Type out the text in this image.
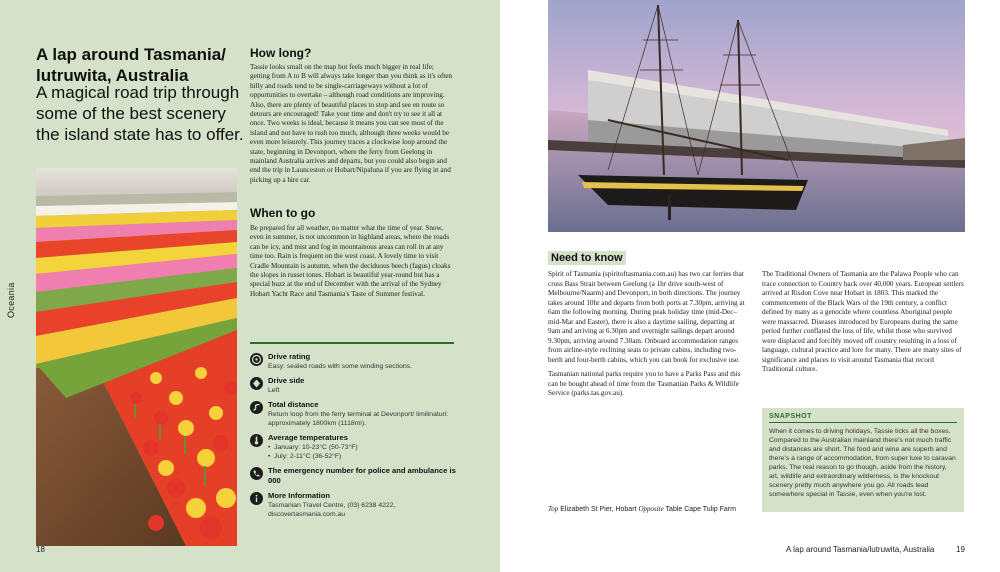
A lap around Tasmania/ lutruwita, Australia
A magical road trip through some of the best scenery the island state has to offer.
Oceania
How long?
Tassie looks small on the map but feels much bigger in real life; getting from A to B will always take longer than you think as it's often hilly and roads tend to be single-carriageways without a lot of opportunities to overtake – although road conditions are improving. Also, there are plenty of beautiful places to stop and see en route so detours are encouraged! Take your time and don't try to see it all at once. Two weeks is ideal, because it means you can see most of the island and not have to rush too much, although three weeks would be even more leisurely. This journey traces a clockwise loop around the state, beginning in Devonport, where the ferry from Geelong in mainland Australia arrives and departs, but you could also begin and end the trip in Launceston or Hobart/Nipaluna if you are flying in and picking up a hire car.
When to go
Be prepared for all weather, no matter what the time of year. Snow, even in summer, is not uncommon in highland areas, where the roads can be icy, and mist and fog in mountainous areas can roll in at any time too. Rain is frequent on the west coast. A lovely time to visit Cradle Mountain is autumn, when the deciduous beech (fagus) cloaks the slopes in russet tones. Hobart is beautiful year-round but has a special buzz at the end of December with the arrival of the Sydney Hobart Yacht Race and Tasmania's Taste of Summer festival.
Drive rating
Easy: sealed roads with some winding sections.
Drive side
Left
Total distance
Return loop from the ferry terminal at Devonport/ limilinaturi: approximately 1800km (1118mi).
Average temperatures
• January: 10-23°C (50-73°F)
• July: 2-11°C (36-52°F)
The emergency number for police and ambulance is 000
More Information
Tasmanian Travel Centre, (03) 6238 4222,
discovertasmania.com.au
18
Need to know

Spirit of Tasmania (spiritoftasmania.com.au) has two car ferries that cross Bass Strait between Geelong (a 1hr drive south-west of Melbourne/Naarm) and Devonport, in both directions. The journey takes around 10hr and departs from both ports at 7.30pm, arriving at 6am the following morning. During peak holiday time (mid-Dec–mid-Mar and Easter), there is also a daytime sailing, departing at 9am and arriving at 6.30pm and overnight sailings depart around 9.30pm, arriving around 7.30am. Onboard accommodation ranges from airline-style reclining seats to private cabins, including two-berth and four-berth cabins, which you can book for exclusive use.

Tasmanian national parks require you to have a Parks Pass and this can be bought ahead of time from the Tasmanian Parks & Wildlife Service (parks.tas.gov.au).

The Traditional Owners of Tasmania are the Palawa People who can trace connection to Country back over 40,000 years. European settlers arrived at Risdon Cove near Hobart in 1803. This marked the commencement of the Black Wars of the 19th century, a conflict defined by many as a genocide where countless Aboriginal people were massacred. Diseases introduced by Europeans during the same period further conflated the loss of life, whilst those who survived were displaced and forcibly moved off country resulting in a loss of language, cultural practice and lore for many. There are many sites of significance and places to visit around Tasmania that record Traditional culture.

SNAPSHOT
When it comes to driving holidays, Tassie ticks all the boxes. Compared to the Australian mainland there's not much traffic and distances are short. The food and wine are superb and there's a range of accommodation, from super luxe to caravan parks. The real reason to go though, aside from the history, art, wildlife and extraordinary wilderness, is the knockout scenery pretty much anywhere you go. All roads lead somewhere special in Tassie, even when you're lost.
Top Elizabeth St Pier, Hobart Opposite Table Cape Tulip Farm
A lap around Tasmania/lutruwita, Australia	19
